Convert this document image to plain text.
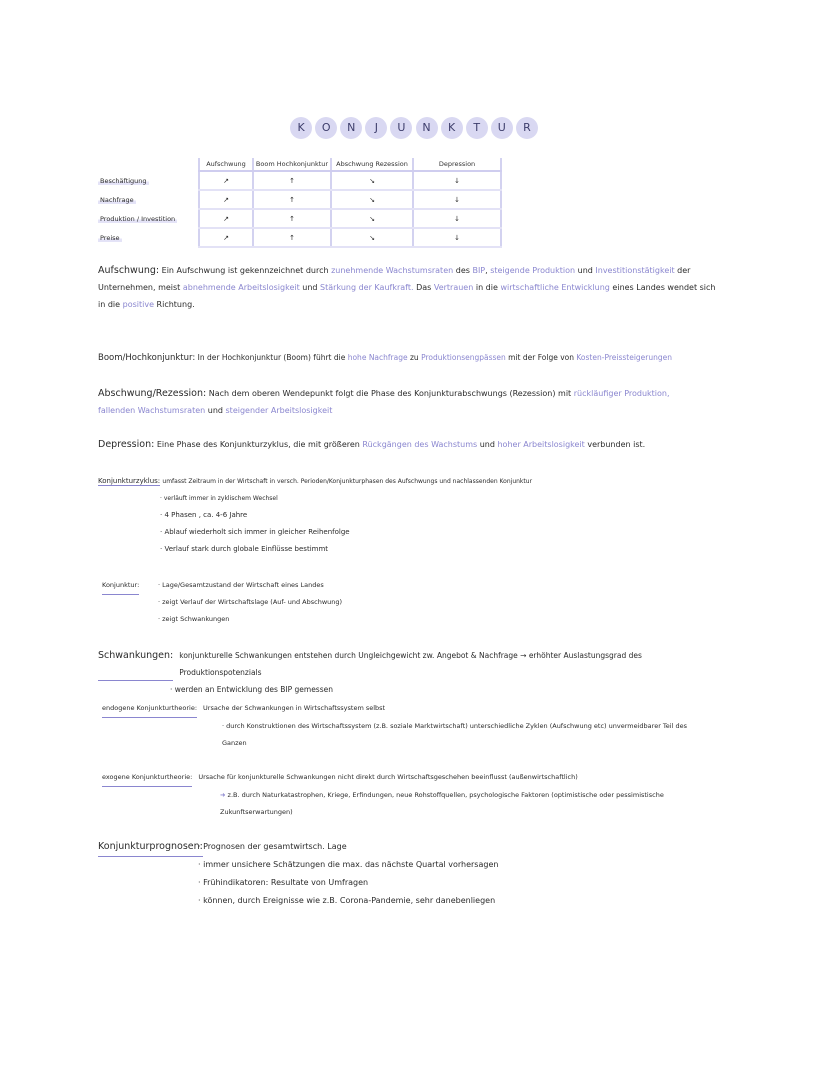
K O N J U N K T U R
	Aufschwung	Boom Hochkonjunktur	Abschwung Rezession	Depression
Beschäftigung	↗	↑	↘	↓
Nachfrage	↗	↑	↘	↓
Produktion / Investition	↗	↑	↘	↓
Preise	↗	↑	↘	↓
Aufschwung: Ein Aufschwung ist gekennzeichnet durch zunehmende Wachstumsraten des BIP, steigende Produktion und Investitionstätigkeit der Unternehmen, meist abnehmende Arbeitslosigkeit und Stärkung der Kaufkraft. Das Vertrauen in die wirtschaftliche Entwicklung eines Landes wendet sich in die positive Richtung.
Boom/Hochkonjunktur: In der Hochkonjunktur (Boom) führt die hohe Nachfrage zu Produktionsengpässen mit der Folge von Kosten-Preissteigerungen
Abschwung/Rezession: Nach dem oberen Wendepunkt folgt die Phase des Konjunkturabschwungs (Rezession) mit rückläufiger Produktion, fallenden Wachstumsraten und steigender Arbeitslosigkeit
Depression: Eine Phase des Konjunkturzyklus, die mit größeren Rückgängen des Wachstums und hoher Arbeitslosigkeit verbunden ist.
Konjunkturzyklus: umfasst Zeitraum in der Wirtschaft in versch. Perioden/Konjunkturphasen des Aufschwungs und nachlassenden Konjunktur
· verläuft immer in zyklischem Wechsel
· 4 Phasen , ca. 4-6 Jahre
· Ablauf wiederholt sich immer in gleicher Reihenfolge
· Verlauf stark durch globale Einflüsse bestimmt
Konjunktur:	· Lage/Gesamtzustand der Wirtschaft eines Landes
· zeigt Verlauf der Wirtschaftslage (Auf- und Abschwung)
· zeigt Schwankungen
Schwankungen: konjunkturelle Schwankungen entstehen durch Ungleichgewicht zw. Angebot & Nachfrage → erhöhter Auslastungsgrad des Produktionspotenzials
· werden an Entwicklung des BIP gemessen
endogene Konjunkturtheorie: Ursache der Schwankungen in Wirtschaftssystem selbst
· durch Konstruktionen des Wirtschaftssystem (z.B. soziale Marktwirtschaft) unterschiedliche Zyklen (Aufschwung etc) unvermeidbarer Teil des Ganzen
exogene Konjunkturtheorie: Ursache für konjunkturelle Schwankungen nicht direkt durch Wirtschaftsgeschehen beeinflusst (außenwirtschaftlich)
➜ z.B. durch Naturkatastrophen, Kriege, Erfindungen, neue Rohstoffquellen, psychologische Faktoren (optimistische oder pessimistische Zukunftserwartungen)
Konjunkturprognosen: · Prognosen der gesamtwirtsch. Lage
· immer unsichere Schätzungen die max. das nächste Quartal vorhersagen
· Frühindikatoren: Resultate von Umfragen
· können, durch Ereignisse wie z.B. Corona-Pandemie, sehr danebenliegen
